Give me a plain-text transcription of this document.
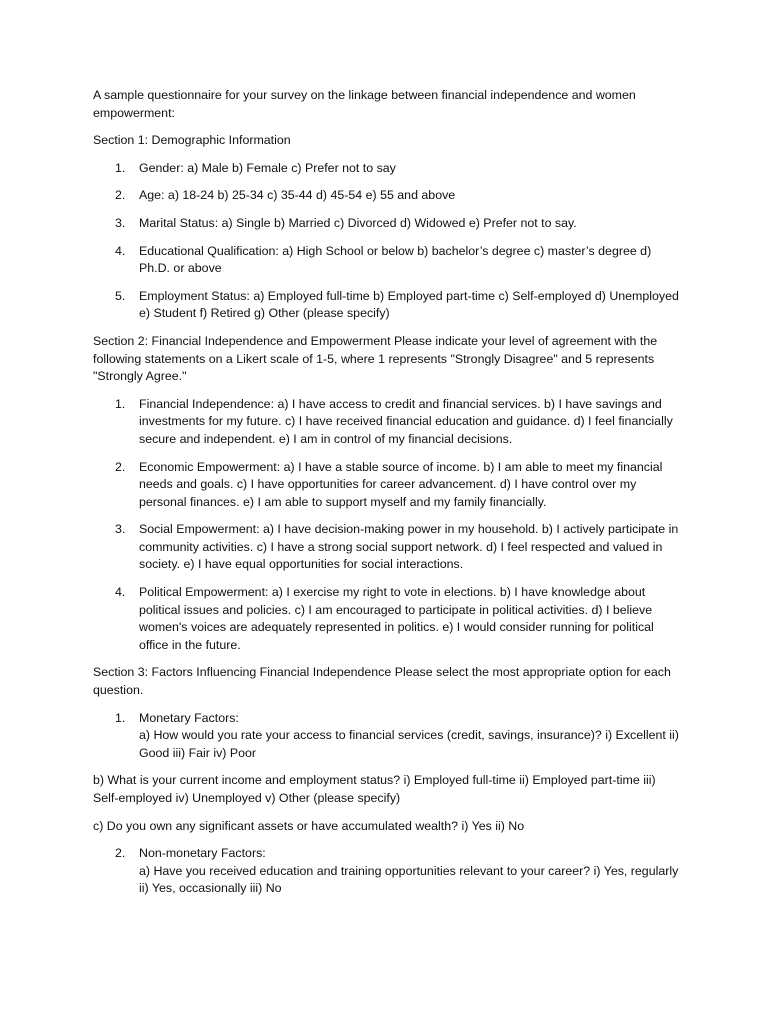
A sample questionnaire for your survey on the linkage between financial independence and women empowerment:

Section 1: Demographic Information

1. Gender: a) Male b) Female c) Prefer not to say
2. Age: a) 18-24 b) 25-34 c) 35-44 d) 45-54 e) 55 and above
3. Marital Status: a) Single b) Married c) Divorced d) Widowed e) Prefer not to say.
4. Educational Qualification: a) High School or below b) bachelor’s degree c) master’s degree d) Ph.D. or above
5. Employment Status: a) Employed full-time b) Employed part-time c) Self-employed d) Unemployed e) Student f) Retired g) Other (please specify)

Section 2: Financial Independence and Empowerment Please indicate your level of agreement with the following statements on a Likert scale of 1-5, where 1 represents "Strongly Disagree" and 5 represents "Strongly Agree."

1. Financial Independence: a) I have access to credit and financial services. b) I have savings and investments for my future. c) I have received financial education and guidance. d) I feel financially secure and independent. e) I am in control of my financial decisions.
2. Economic Empowerment: a) I have a stable source of income. b) I am able to meet my financial needs and goals. c) I have opportunities for career advancement. d) I have control over my personal finances. e) I am able to support myself and my family financially.
3. Social Empowerment: a) I have decision-making power in my household. b) I actively participate in community activities. c) I have a strong social support network. d) I feel respected and valued in society. e) I have equal opportunities for social interactions.
4. Political Empowerment: a) I exercise my right to vote in elections. b) I have knowledge about political issues and policies. c) I am encouraged to participate in political activities. d) I believe women's voices are adequately represented in politics. e) I would consider running for political office in the future.

Section 3: Factors Influencing Financial Independence Please select the most appropriate option for each question.

1. Monetary Factors:
a) How would you rate your access to financial services (credit, savings, insurance)? i) Excellent ii) Good iii) Fair iv) Poor

b) What is your current income and employment status? i) Employed full-time ii) Employed part-time iii) Self-employed iv) Unemployed v) Other (please specify)

c) Do you own any significant assets or have accumulated wealth? i) Yes ii) No

2. Non-monetary Factors:
a) Have you received education and training opportunities relevant to your career? i) Yes, regularly ii) Yes, occasionally iii) No
